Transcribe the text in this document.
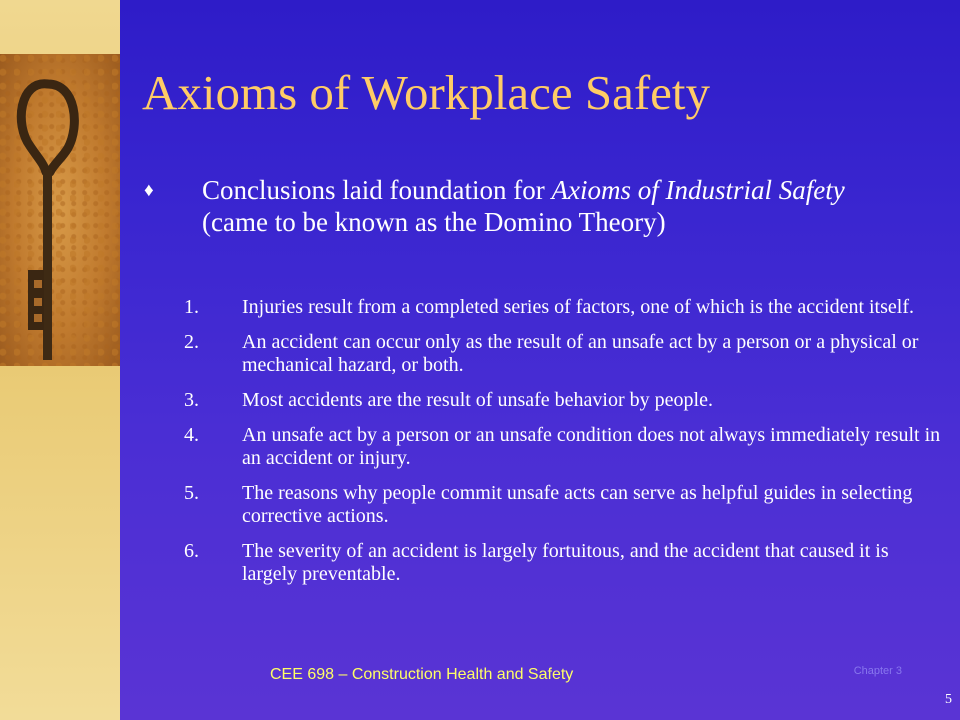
Axioms of Workplace Safety
♦ Conclusions laid foundation for Axioms of Industrial Safety (came to be known as the Domino Theory)
1. Injuries result from a completed series of factors, one of which is the accident itself.
2. An accident can occur only as the result of an unsafe act by a person or a physical or mechanical hazard, or both.
3. Most accidents are the result of unsafe behavior by people.
4. An unsafe act by a person or an unsafe condition does not always immediately result in an accident or injury.
5. The reasons why people commit unsafe acts can serve as helpful guides in selecting corrective actions.
6. The severity of an accident is largely fortuitous, and the accident that caused it is largely preventable.
CEE 698 – Construction Health and Safety	Chapter 3
5
